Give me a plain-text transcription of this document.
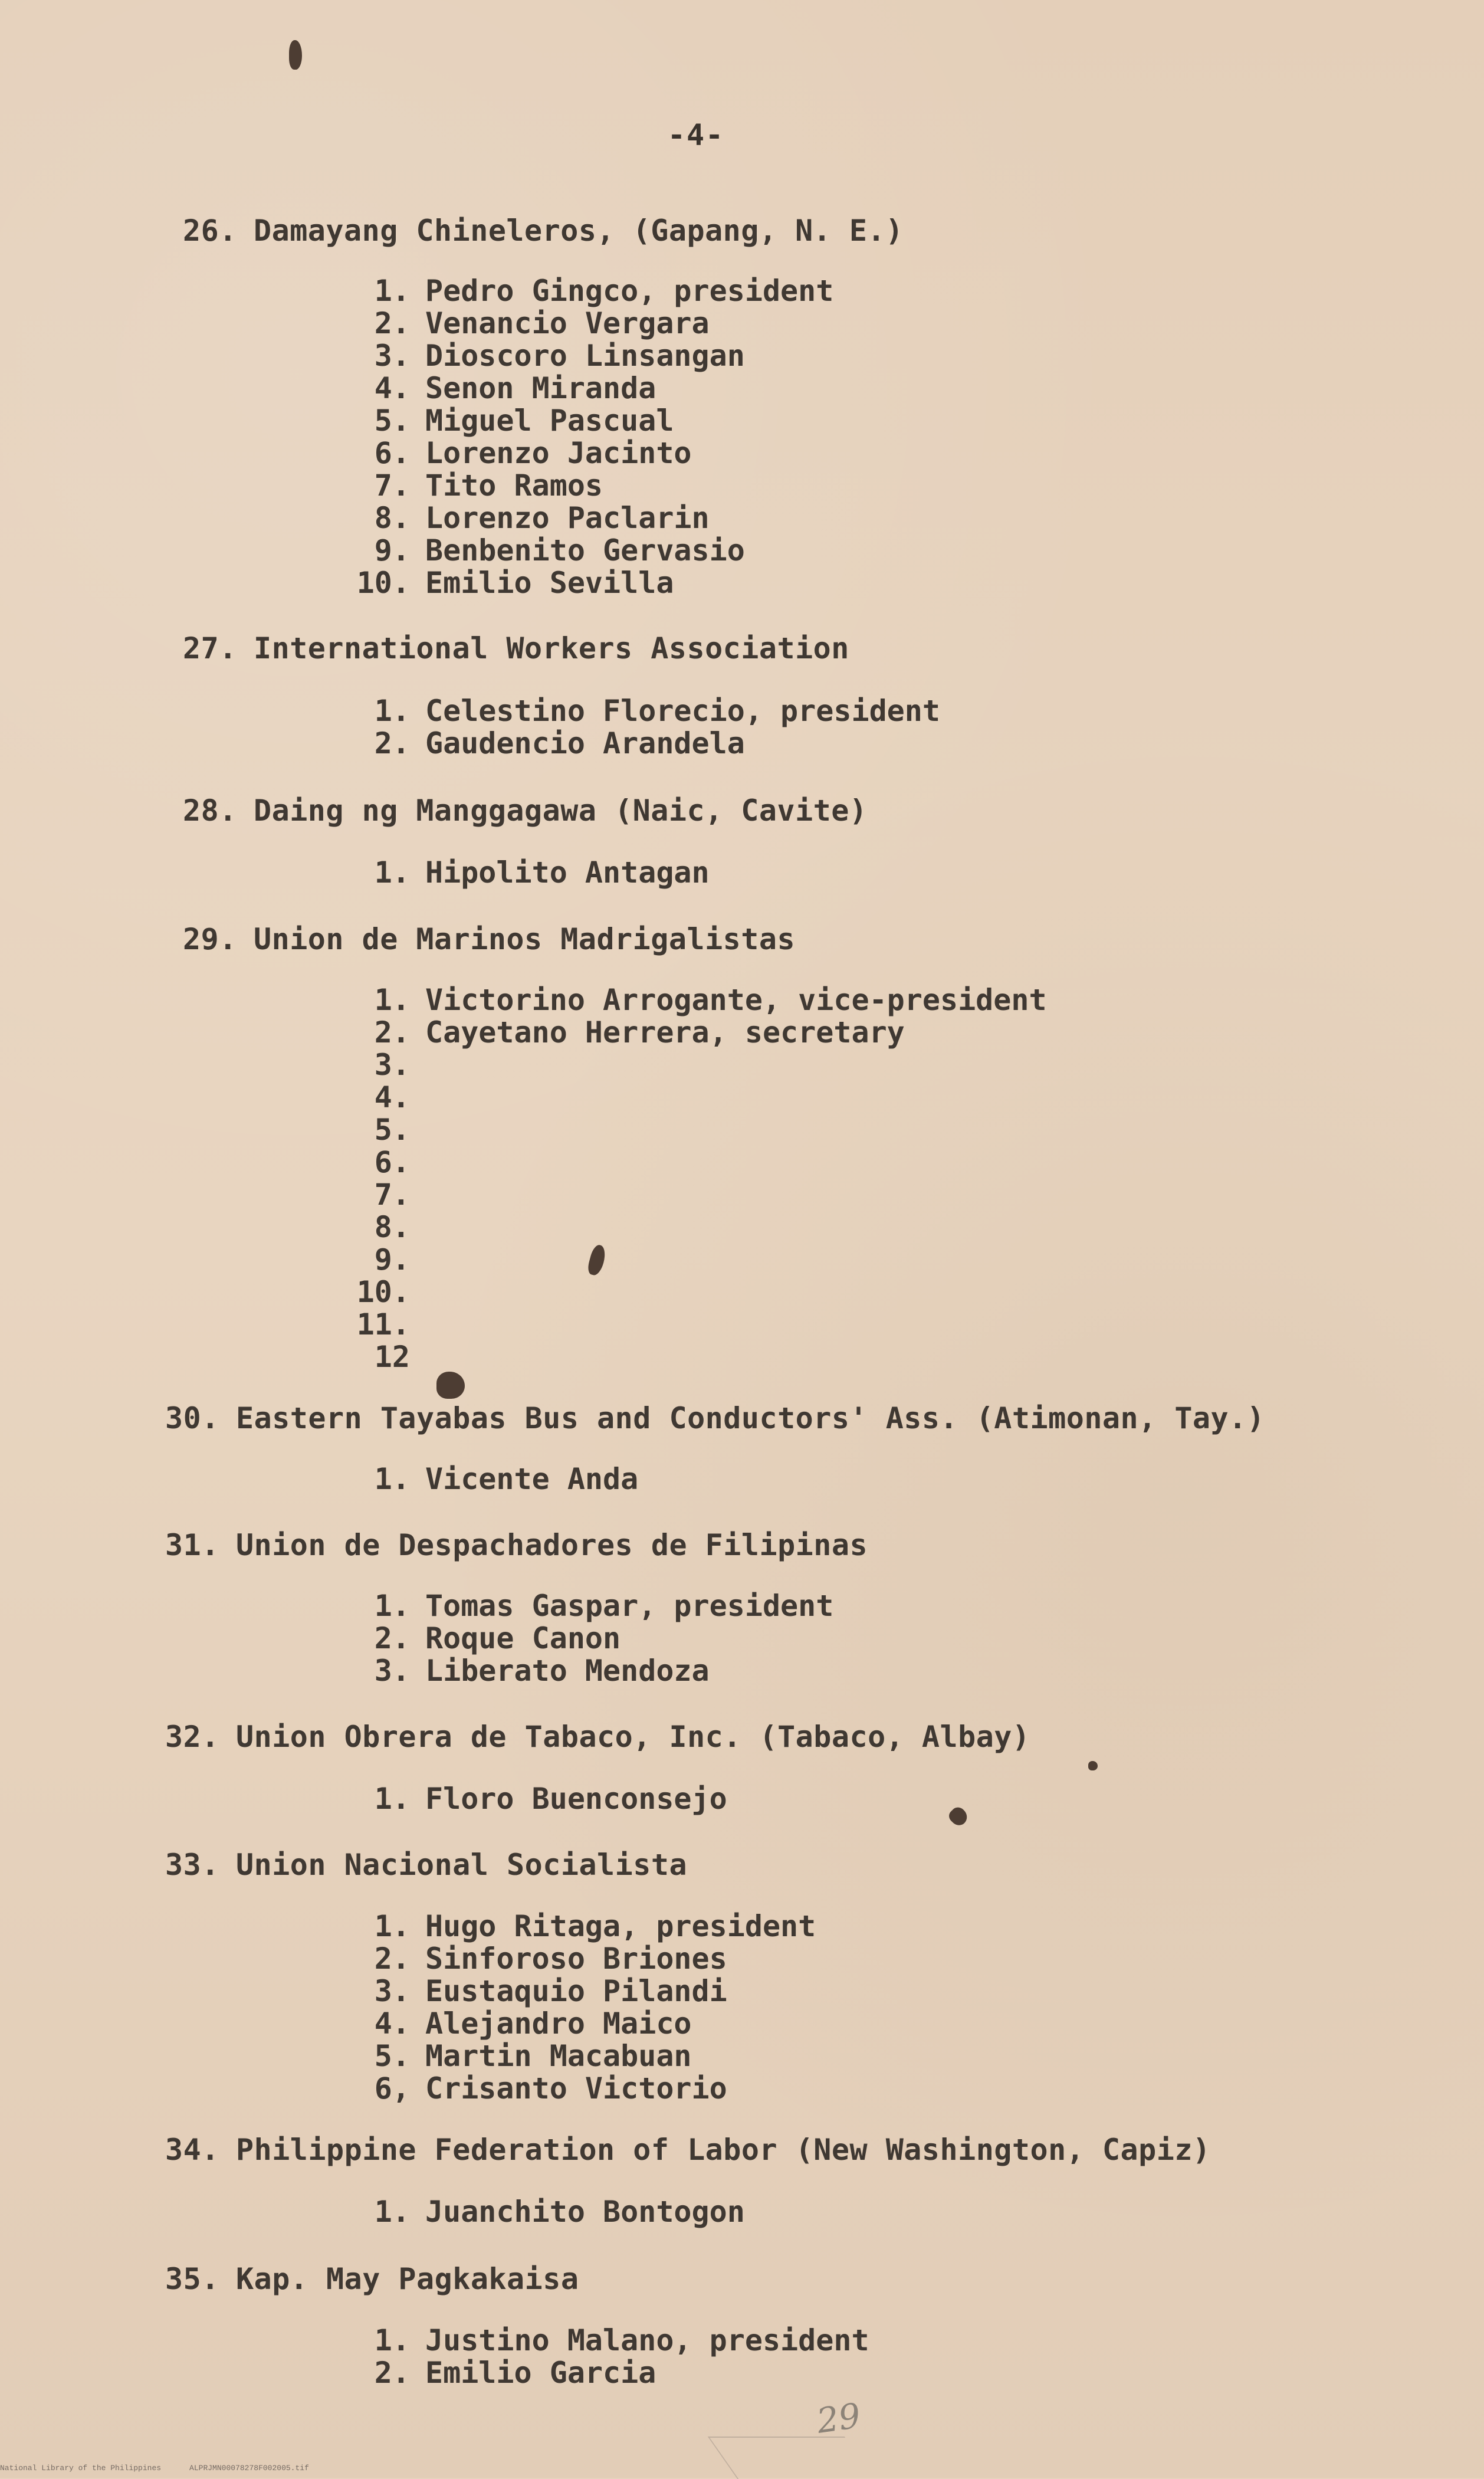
-4-
26. Damayang Chineleros, (Gapang, N. E.)
1. Pedro Gingco, president
2. Venancio Vergara
3. Dioscoro Linsangan
4. Senon Miranda
5. Miguel Pascual
6. Lorenzo Jacinto
7. Tito Ramos
8. Lorenzo Paclarin
9. Benbenito Gervasio
10. Emilio Sevilla
27. International Workers Association
1. Celestino Florecio, president
2. Gaudencio Arandela
28. Daing ng Manggagawa (Naic, Cavite)
1. Hipolito Antagan
29. Union de Marinos Madrigalistas
1. Victorino Arrogante, vice-president
2. Cayetano Herrera, secretary
3.
4.
5.
6.
7.
8.
9.
10.
11.
12
30. Eastern Tayabas Bus and Conductors' Ass. (Atimonan, Tay.)
1. Vicente Anda
31. Union de Despachadores de Filipinas
1. Tomas Gaspar, president
2. Roque Canon
3. Liberato Mendoza
32. Union Obrera de Tabaco, Inc. (Tabaco, Albay)
1. Floro Buenconsejo
33. Union Nacional Socialista
1. Hugo Ritaga, president
2. Sinforoso Briones
3. Eustaquio Pilandi
4. Alejandro Maico
5. Martin Macabuan
6, Crisanto Victorio
34. Philippine Federation of Labor (New Washington, Capiz)
1. Juanchito Bontogon
35. Kap. May Pagkakaisa
1. Justino Malano, president
2. Emilio Garcia
29
National Library of the Philippines	ALPRJMN00078278F002005.tif
